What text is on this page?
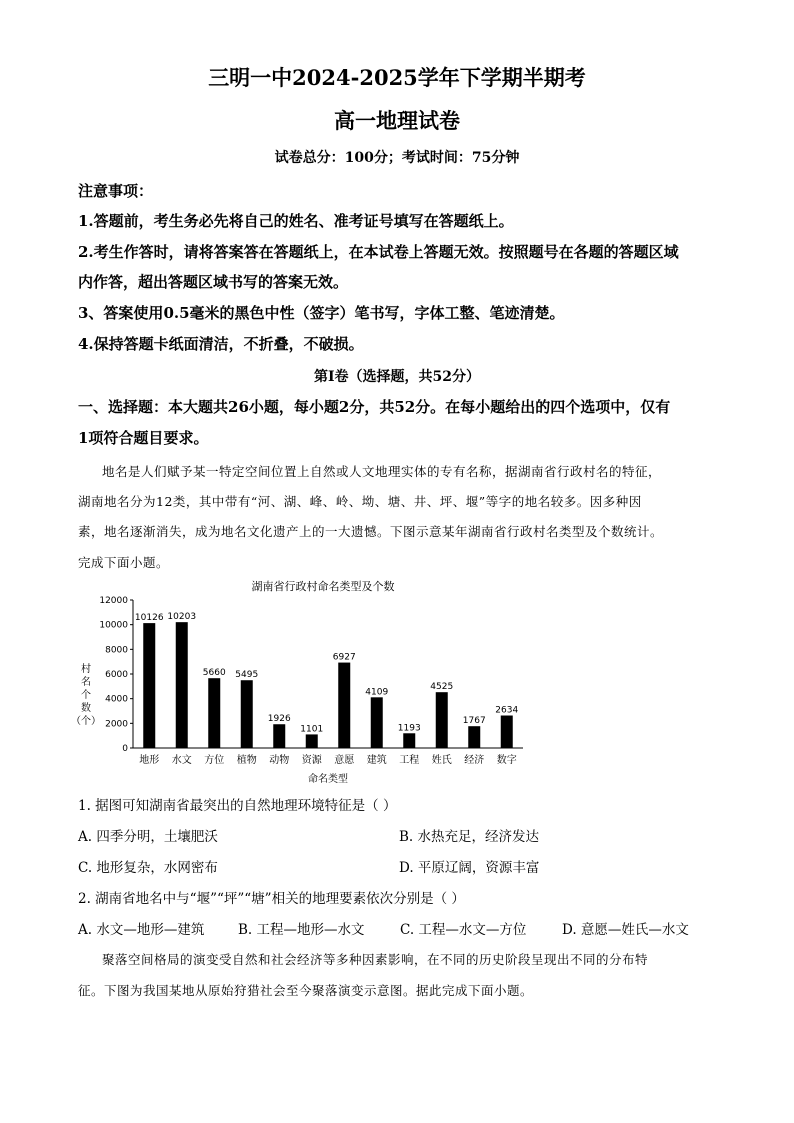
三明一中2024-2025学年下学期半期考
高一地理试卷
试卷总分：100分；考试时间：75分钟
注意事项：
1.答题前，考生务必先将自己的姓名、准考证号填写在答题纸上。
2.考生作答时，请将答案答在答题纸上，在本试卷上答题无效。按照题号在各题的答题区域
内作答，超出答题区域书写的答案无效。
3、答案使用0.5毫米的黑色中性（签字）笔书写，字体工整、笔迹清楚。
4.保持答题卡纸面清洁，不折叠，不破损。
第Ⅰ卷（选择题，共52分）
一、选择题：本大题共26小题，每小题2分，共52分。在每小题给出的四个选项中，仅有
1项符合题目要求。
地名是人们赋予某一特定空间位置上自然或人文地理实体的专有名称，据湖南省行政村名的特征，
湖南地名分为12类，其中带有“河、湖、峰、岭、坳、塘、井、坪、堰”等字的地名较多。因多种因
素，地名逐渐消失，成为地名文化遗产上的一大遗憾。下图示意某年湖南省行政村名类型及个数统计。
完成下面小题。
湖南省行政村命名类型及个数
村名个数（个）
0
2000
4000
6000
8000
10000
12000
10126 10203
5660 5495
1926
1101
6927
4109
1193
4525
1767
2634
地形 水文 方位 植物 动物 资源 意愿 建筑 工程 姓氏 经济 数字
命名类型
1. 据图可知湖南省最突出的自然地理环境特征是（ ）
A. 四季分明，土壤肥沃	B. 水热充足，经济发达
C. 地形复杂，水网密布	D. 平原辽阔，资源丰富
2. 湖南省地名中与“堰”“坪”“塘”相关的地理要素依次分别是（ ）
A. 水文—地形—建筑 B. 工程—地形—水文	C. 工程—水文—方位	D. 意愿—姓氏—水文
聚落空间格局的演变受自然和社会经济等多种因素影响，在不同的历史阶段呈现出不同的分布特
征。下图为我国某地从原始狩猎社会至今聚落演变示意图。据此完成下面小题。
